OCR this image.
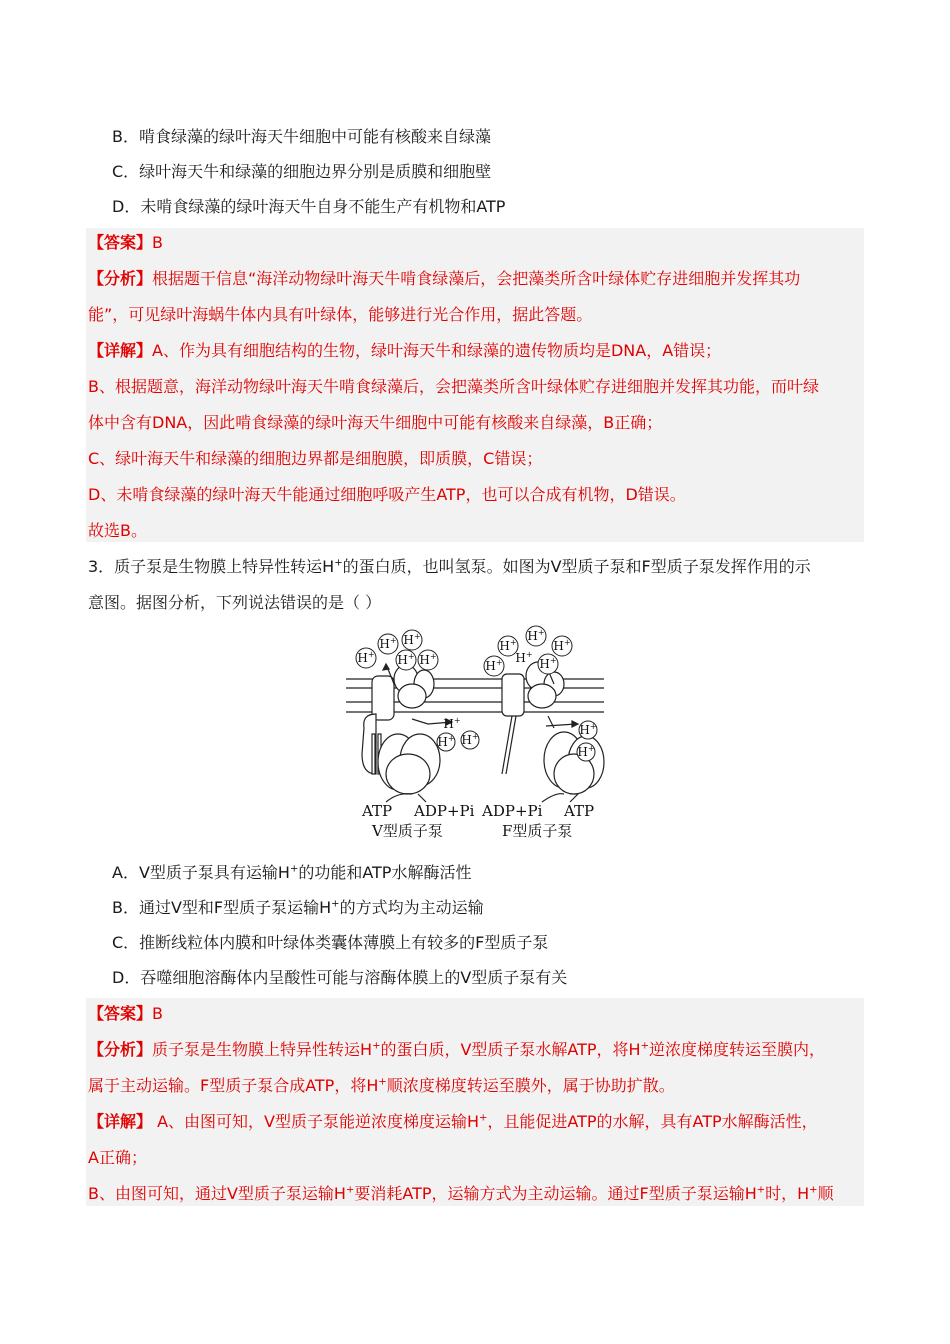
B．啃食绿藻的绿叶海天牛细胞中可能有核酸来自绿藻
C．绿叶海天牛和绿藻的细胞边界分别是质膜和细胞壁
D．未啃食绿藻的绿叶海天牛自身不能生产有机物和ATP
【答案】B
【分析】根据题干信息“海洋动物绿叶海天牛啃食绿藻后，会把藻类所含叶绿体贮存进细胞并发挥其功
能”，可见绿叶海蜗牛体内具有叶绿体，能够进行光合作用，据此答题。
【详解】A、作为具有细胞结构的生物，绿叶海天牛和绿藻的遗传物质均是DNA，A错误；
B、根据题意，海洋动物绿叶海天牛啃食绿藻后，会把藻类所含叶绿体贮存进细胞并发挥其功能，而叶绿
体中含有DNA，因此啃食绿藻的绿叶海天牛细胞中可能有核酸来自绿藻，B正确；
C、绿叶海天牛和绿藻的细胞边界都是细胞膜，即质膜，C错误；
D、未啃食绿藻的绿叶海天牛能通过细胞呼吸产生ATP，也可以合成有机物，D错误。
故选B。
3．质子泵是生物膜上特异性转运H+的蛋白质，也叫氢泵。如图为Ⅴ型质子泵和F型质子泵发挥作用的示
意图。据图分析，下列说法错误的是（ ）
H+
H+ H+
H+ H+
H+ H+
H+
H+	H+
H+
H+
H+ H+	H+
H+
ATP ADP+Pi ADP+Pi ATP
V型质子泵	F型质子泵
A．Ⅴ型质子泵具有运输H+的功能和ATP水解酶活性
B．通过Ⅴ型和F型质子泵运输H+的方式均为主动运输
C．推断线粒体内膜和叶绿体类囊体薄膜上有较多的F型质子泵
D．吞噬细胞溶酶体内呈酸性可能与溶酶体膜上的Ⅴ型质子泵有关
【答案】B
【分析】质子泵是生物膜上特异性转运H+的蛋白质，Ⅴ型质子泵水解ATP，将H+逆浓度梯度转运至膜内，
属于主动运输。F型质子泵合成ATP，将H+顺浓度梯度转运至膜外，属于协助扩散。
【详解】 A、由图可知，Ⅴ型质子泵能逆浓度梯度运输H+，且能促进ATP的水解，具有ATP水解酶活性，
A正确；
B、由图可知，通过Ⅴ型质子泵运输H+要消耗ATP，运输方式为主动运输。通过F型质子泵运输H+时，H+顺
